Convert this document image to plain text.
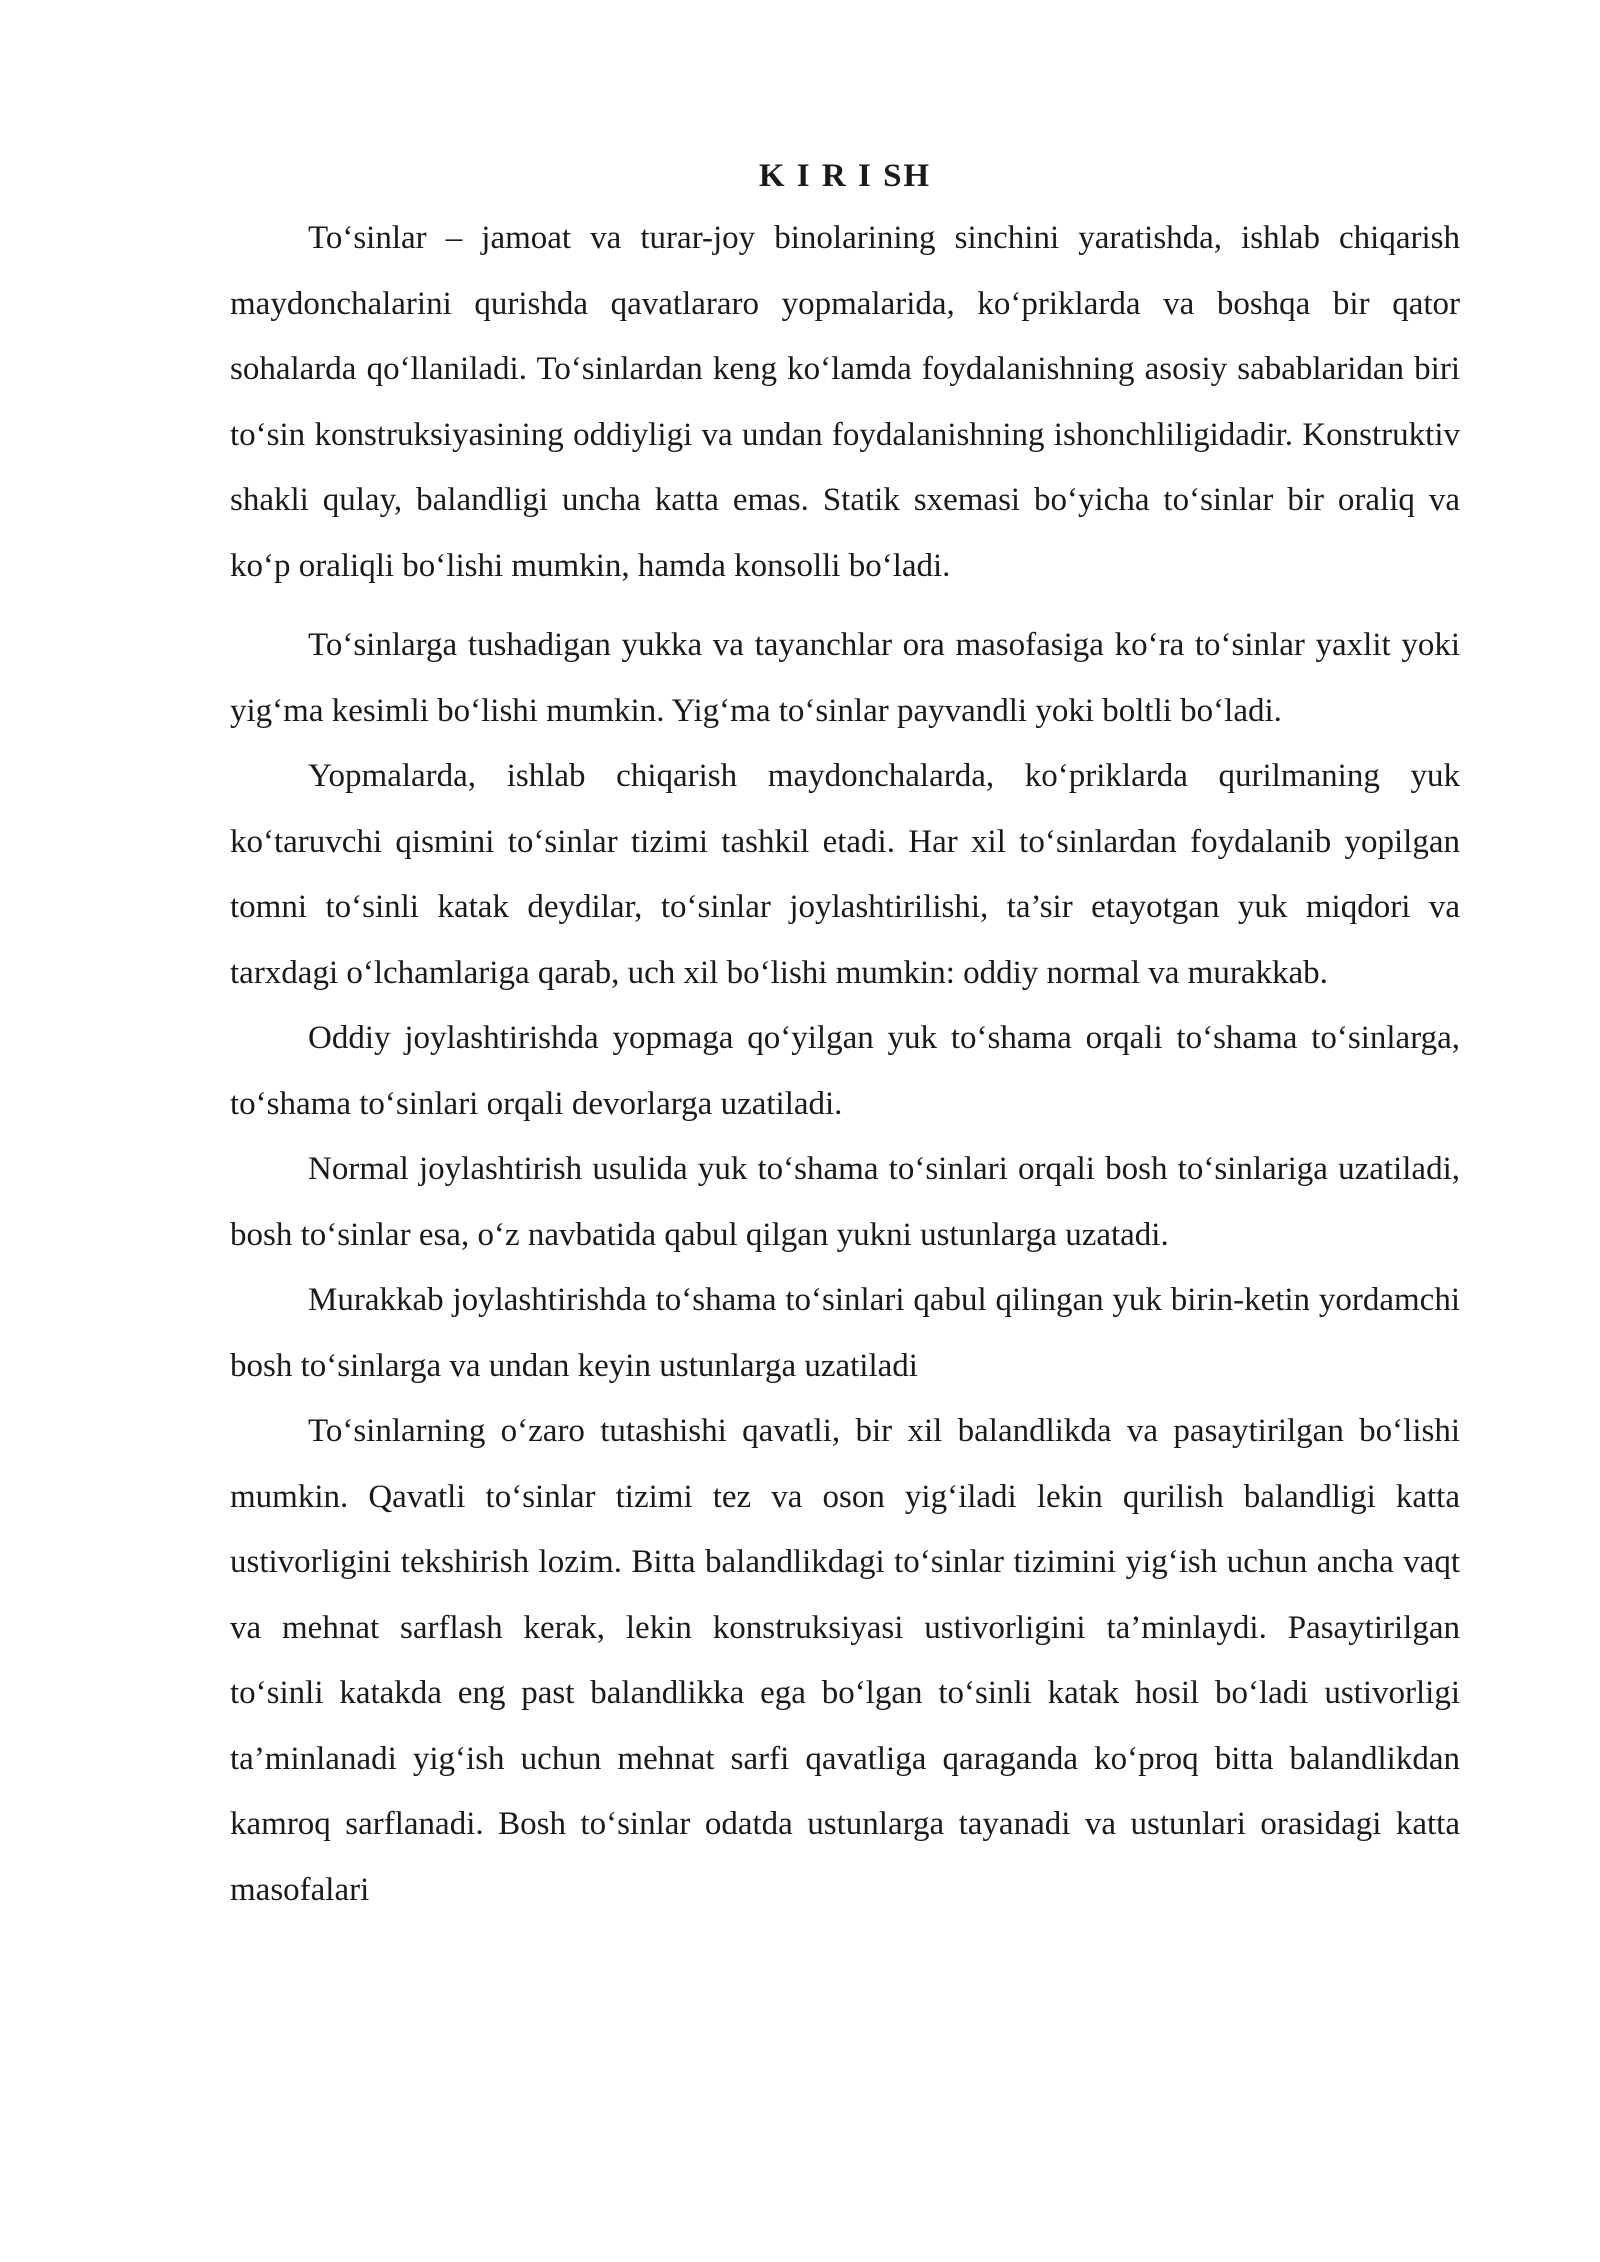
K I R I SH

To‘sinlar – jamoat va turar-joy binolarining sinchini yaratishda, ishlab chiqarish maydonchalarini qurishda qavatlararo yopmalarida, ko‘priklarda va boshqa bir qator sohalarda qo‘llaniladi. To‘sinlardan keng ko‘lamda foydalanishning asosiy sabablaridan biri to‘sin konstruksiyasining oddiyligi va undan foydalanishning ishonchliligidadir. Konstruktiv shakli qulay, balandligi uncha katta emas. Statik sxemasi bo‘yicha to‘sinlar bir oraliq va ko‘p oraliqli bo‘lishi mumkin, hamda konsolli bo‘ladi.

To‘sinlarga tushadigan yukka va tayanchlar ora masofasiga ko‘ra to‘sinlar yaxlit yoki yig‘ma kesimli bo‘lishi mumkin. Yig‘ma to‘sinlar payvandli yoki boltli bo‘ladi.

Yopmalarda, ishlab chiqarish maydonchalarda, ko‘priklarda qurilmaning yuk ko‘taruvchi qismini to‘sinlar tizimi tashkil etadi. Har xil to‘sinlardan foydalanib yopilgan tomni to‘sinli katak deydilar, to‘sinlar joylashtirilishi, ta’sir etayotgan yuk miqdori va tarxdagi o‘lchamlariga qarab, uch xil bo‘lishi mumkin: oddiy normal va murakkab.

Oddiy joylashtirishda yopmaga qo‘yilgan yuk to‘shama orqali to‘shama to‘sinlarga, to‘shama to‘sinlari orqali devorlarga uzatiladi.

Normal joylashtirish usulida yuk to‘shama to‘sinlari orqali bosh to‘sinlariga uzatiladi, bosh to‘sinlar esa, o‘z navbatida qabul qilgan yukni ustunlarga uzatadi.

Murakkab joylashtirishda to‘shama to‘sinlari qabul qilingan yuk birin-ketin yordamchi bosh to‘sinlarga va undan keyin ustunlarga uzatiladi

To‘sinlarning o‘zaro tutashishi qavatli, bir xil balandlikda va pasaytirilgan bo‘lishi mumkin. Qavatli to‘sinlar tizimi tez va oson yig‘iladi lekin qurilish balandligi katta ustivorligini tekshirish lozim. Bitta balandlikdagi to‘sinlar tizimini yig‘ish uchun ancha vaqt va mehnat sarflash kerak, lekin konstruksiyasi ustivorligini ta’minlaydi. Pasaytirilgan to‘sinli katakda eng past balandlikka ega bo‘lgan to‘sinli katak hosil bo‘ladi ustivorligi ta’minlanadi yig‘ish uchun mehnat sarfi qavatliga qaraganda ko‘proq bitta balandlikdan kamroq sarflanadi. Bosh to‘sinlar odatda ustunlarga tayanadi va ustunlari orasidagi katta masofalari
